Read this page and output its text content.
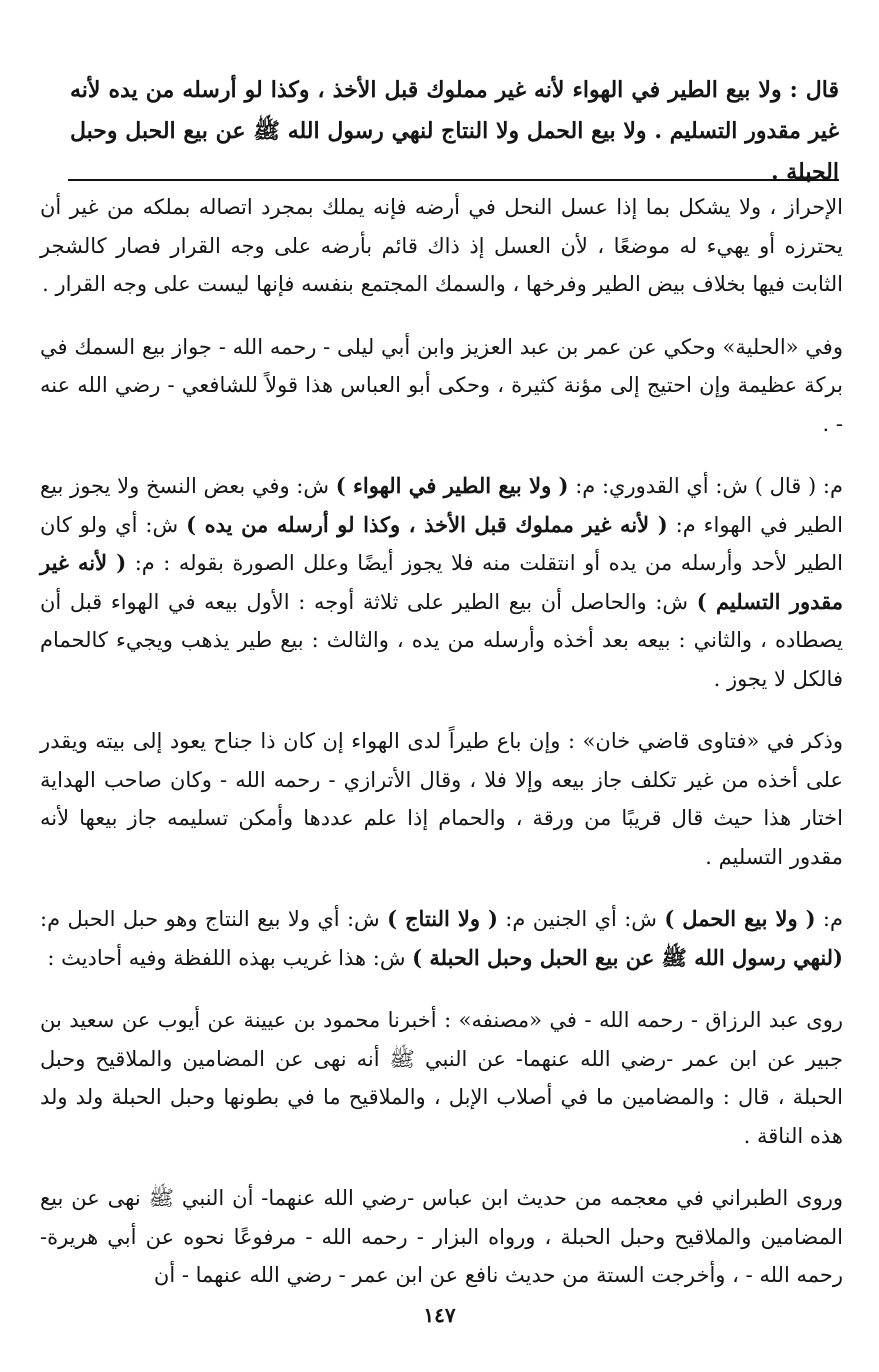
قال : ولا بيع الطير في الهواء لأنه غير مملوك قبل الأخذ ، وكذا لو أرسله من يده لأنه غير مقدور التسليم . ولا بيع الحمل ولا النتاج لنهي رسول الله ﷺ عن بيع الحبل وحبل الحبلة .

الإحراز ، ولا يشكل بما إذا عسل النحل في أرضه فإنه يملك بمجرد اتصاله بملكه من غير أن يحترزه أو يهيء له موضعًا ، لأن العسل إذ ذاك قائم بأرضه على وجه القرار فصار كالشجر الثابت فيها بخلاف بيض الطير وفرخها ، والسمك المجتمع بنفسه فإنها ليست على وجه القرار .

وفي «الحلية» وحكي عن عمر بن عبد العزيز وابن أبي ليلى - رحمه الله - جواز بيع السمك في بركة عظيمة وإن احتيج إلى مؤنة كثيرة ، وحكى أبو العباس هذا قولاً للشافعي - رضي الله عنه - .

م: ( قال ) ش: أي القدوري: م: ( ولا بيع الطير في الهواء ) ش: وفي بعض النسخ ولا يجوز بيع الطير في الهواء م: ( لأنه غير مملوك قبل الأخذ ، وكذا لو أرسله من يده ) ش: أي ولو كان الطير لأحد وأرسله من يده أو انتقلت منه فلا يجوز أيضًا وعلل الصورة بقوله : م: ( لأنه غير مقدور التسليم ) ش: والحاصل أن بيع الطير على ثلاثة أوجه : الأول بيعه في الهواء قبل أن يصطاده ، والثاني : بيعه بعد أخذه وأرسله من يده ، والثالث : بيع طير يذهب ويجيء كالحمام فالكل لا يجوز .

وذكر في «فتاوى قاضي خان» : وإن باع طيراً لدى الهواء إن كان ذا جناح يعود إلى بيته ويقدر على أخذه من غير تكلف جاز بيعه وإلا فلا ، وقال الأترازي - رحمه الله - وكان صاحب الهداية اختار هذا حيث قال قريبًا من ورقة ، والحمام إذا علم عددها وأمكن تسليمه جاز بيعها لأنه مقدور التسليم .

م: ( ولا بيع الحمل ) ش: أي الجنين م: ( ولا النتاج ) ش: أي ولا بيع النتاج وهو حبل الحبل م: (لنهي رسول الله ﷺ عن بيع الحبل وحبل الحبلة ) ش: هذا غريب بهذه اللفظة وفيه أحاديث :

روى عبد الرزاق - رحمه الله - في «مصنفه» : أخبرنا محمود بن عيينة عن أيوب عن سعيد بن جبير عن ابن عمر -رضي الله عنهما- عن النبي ﷺ أنه نهى عن المضامين والملاقيح وحبل الحبلة ، قال : والمضامين ما في أصلاب الإبل ، والملاقيح ما في بطونها وحبل الحبلة ولد ولد هذه الناقة .

وروى الطبراني في معجمه من حديث ابن عباس -رضي الله عنهما- أن النبي ﷺ نهى عن بيع المضامين والملاقيح وحبل الحبلة ، ورواه البزار - رحمه الله - مرفوعًا نحوه عن أبي هريرة- رحمه الله - ، وأخرجت الستة من حديث نافع عن ابن عمر - رضي الله عنهما - أن

١٤٧
